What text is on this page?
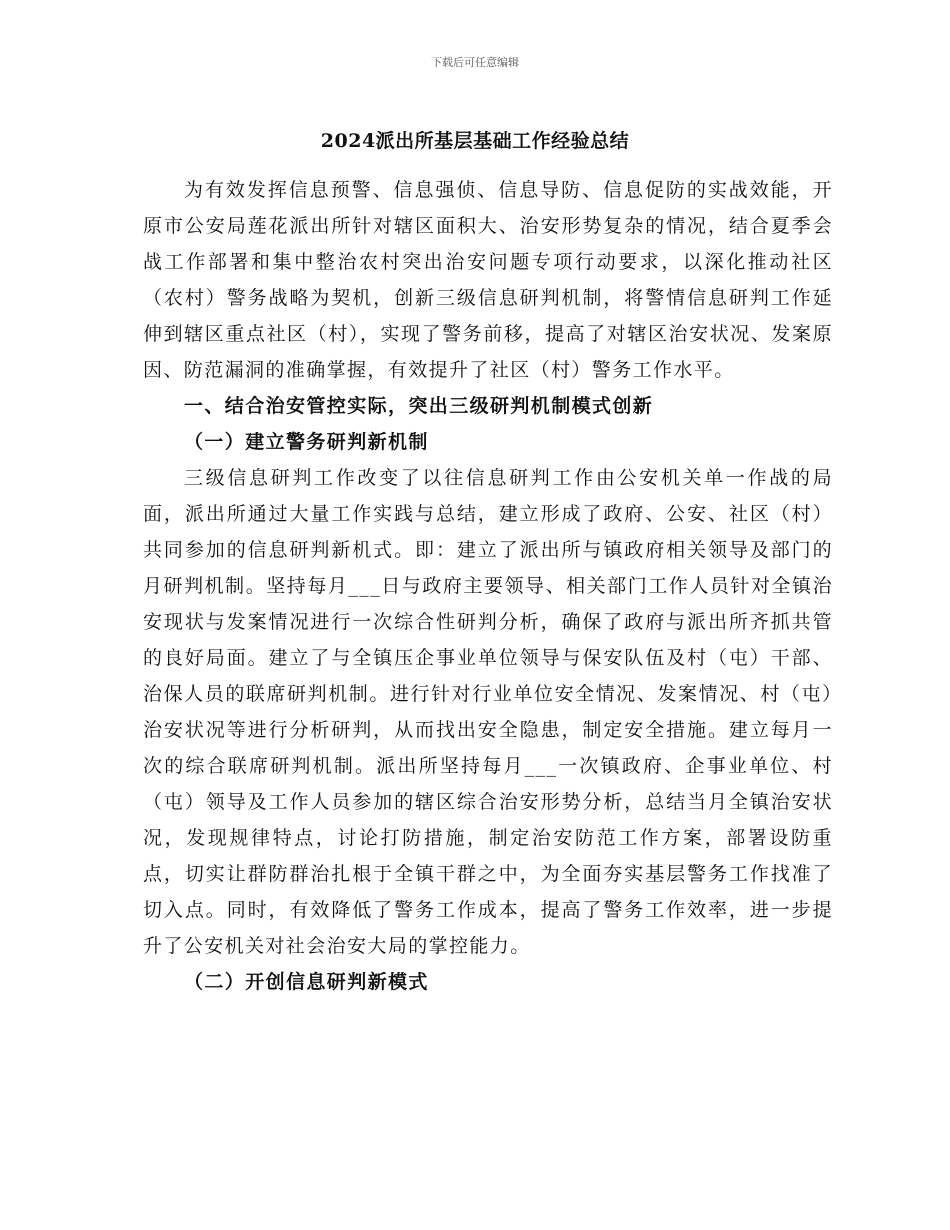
下载后可任意编辑
2024派出所基层基础工作经验总结

为有效发挥信息预警、信息强侦、信息导防、信息促防的实战效能，开原市公安局莲花派出所针对辖区面积大、治安形势复杂的情况，结合夏季会战工作部署和集中整治农村突出治安问题专项行动要求，以深化推动社区（农村）警务战略为契机，创新三级信息研判机制，将警情信息研判工作延伸到辖区重点社区（村），实现了警务前移，提高了对辖区治安状况、发案原因、防范漏洞的准确掌握，有效提升了社区（村）警务工作水平。

一、结合治安管控实际，突出三级研判机制模式创新

（一）建立警务研判新机制

三级信息研判工作改变了以往信息研判工作由公安机关单一作战的局面，派出所通过大量工作实践与总结，建立形成了政府、公安、社区（村）共同参加的信息研判新机式。即：建立了派出所与镇政府相关领导及部门的月研判机制。坚持每月___日与政府主要领导、相关部门工作人员针对全镇治安现状与发案情况进行一次综合性研判分析，确保了政府与派出所齐抓共管的良好局面。建立了与全镇压企事业单位领导与保安队伍及村（屯）干部、治保人员的联席研判机制。进行针对行业单位安全情况、发案情况、村（屯）治安状况等进行分析研判，从而找出安全隐患，制定安全措施。建立每月一次的综合联席研判机制。派出所坚持每月___一次镇政府、企事业单位、村（屯）领导及工作人员参加的辖区综合治安形势分析，总结当月全镇治安状况，发现规律特点，讨论打防措施，制定治安防范工作方案，部署设防重点，切实让群防群治扎根于全镇干群之中，为全面夯实基层警务工作找准了切入点。同时，有效降低了警务工作成本，提高了警务工作效率，进一步提升了公安机关对社会治安大局的掌控能力。

（二）开创信息研判新模式
